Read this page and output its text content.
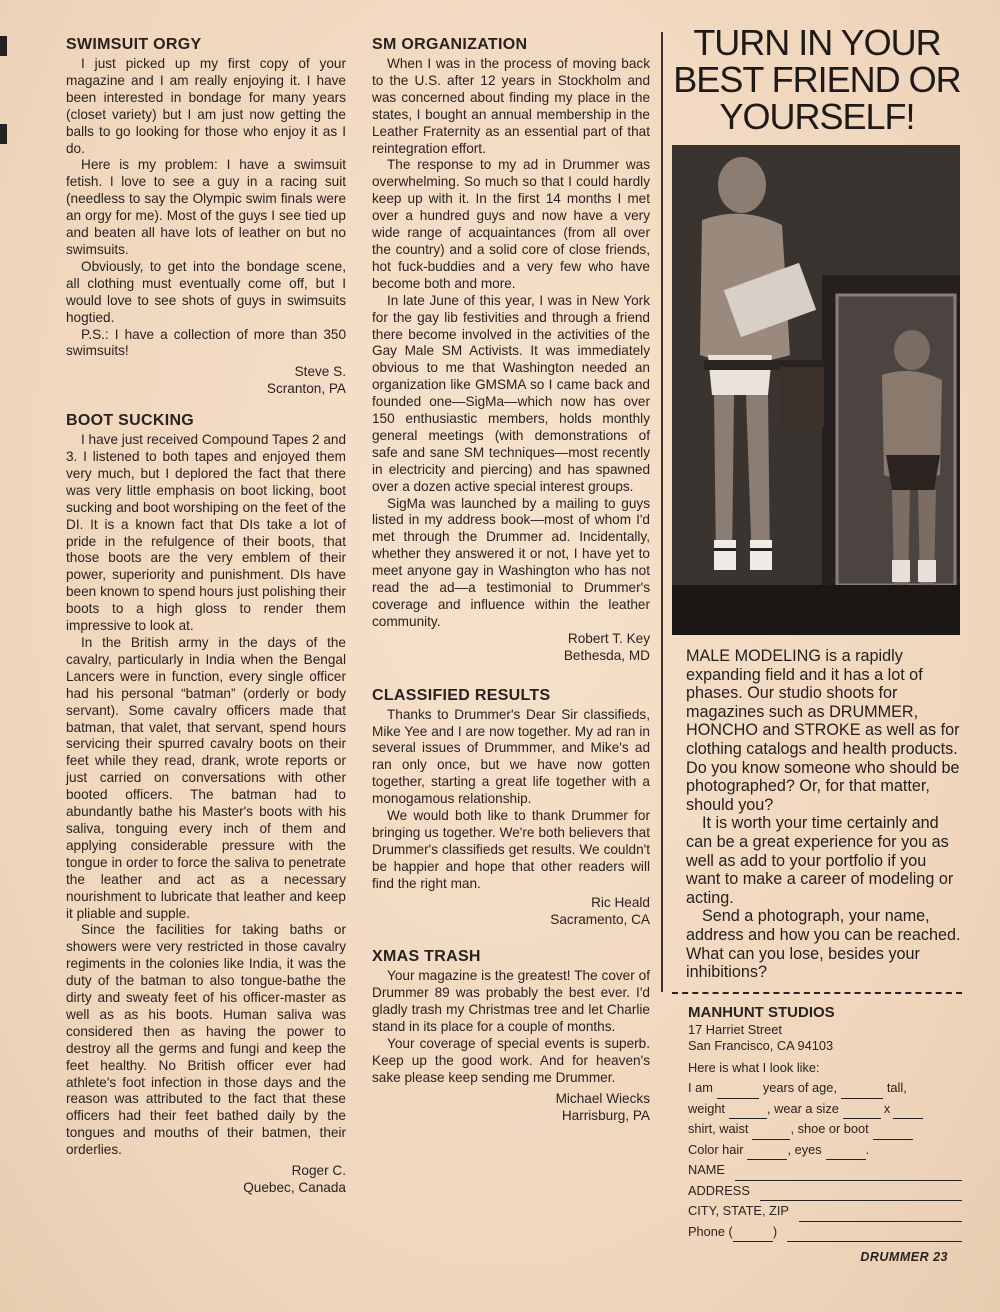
SWIMSUIT ORGY

I just picked up my first copy of your magazine and I am really enjoying it. I have been interested in bondage for many years (closet variety) but I am just now getting the balls to go looking for those who enjoy it as I do.

Here is my problem: I have a swimsuit fetish. I love to see a guy in a racing suit (needless to say the Olympic swim finals were an orgy for me). Most of the guys I see tied up and beaten all have lots of leather on but no swimsuits.

Obviously, to get into the bondage scene, all clothing must eventually come off, but I would love to see shots of guys in swimsuits hogtied.

P.S.: I have a collection of more than 350 swimsuits!

Steve S.

Scranton, PA

BOOT SUCKING

I have just received Compound Tapes 2 and 3. I listened to both tapes and enjoyed them very much, but I deplored the fact that there was very little emphasis on boot licking, boot sucking and boot worshiping on the feet of the DI. It is a known fact that DIs take a lot of pride in the refulgence of their boots, that those boots are the very emblem of their power, superiority and punishment. DIs have been known to spend hours just polishing their boots to a high gloss to render them impressive to look at.

In the British army in the days of the cavalry, particularly in India when the Bengal Lancers were in function, every single officer had his personal “batman” (orderly or body servant). Some cavalry officers made that batman, that valet, that servant, spend hours servicing their spurred cavalry boots on their feet while they read, drank, wrote reports or just carried on conversations with other booted officers. The batman had to abundantly bathe his Master's boots with his saliva, tonguing every inch of them and applying considerable pressure with the tongue in order to force the saliva to penetrate the leather and act as a necessary nourishment to lubricate that leather and keep it pliable and supple.

Since the facilities for taking baths or showers were very restricted in those cavalry regiments in the colonies like India, it was the duty of the batman to also tongue-bathe the dirty and sweaty feet of his officer-master as well as as his boots. Human saliva was considered then as having the power to destroy all the germs and fungi and keep the feet healthy. No British officer ever had athlete's foot infection in those days and the reason was attributed to the fact that these officers had their feet bathed daily by the tongues and mouths of their batmen, their orderlies.

Roger C.

Quebec, Canada

SM ORGANIZATION

When I was in the process of moving back to the U.S. after 12 years in Stockholm and was concerned about finding my place in the states, I bought an annual membership in the Leather Fraternity as an essential part of that reintegration effort.

The response to my ad in Drummer was overwhelming. So much so that I could hardly keep up with it. In the first 14 months I met over a hundred guys and now have a very wide range of acquaintances (from all over the country) and a solid core of close friends, hot fuck-buddies and a very few who have become both and more.

In late June of this year, I was in New York for the gay lib festivities and through a friend there become involved in the activities of the Gay Male SM Activists. It was immediately obvious to me that Washington needed an organization like GMSMA so I came back and founded one—SigMa—which now has over 150 enthusiastic members, holds monthly general meetings (with demonstrations of safe and sane SM techniques—most recently in electricity and piercing) and has spawned over a dozen active special interest groups.

SigMa was launched by a mailing to guys listed in my address book—most of whom I'd met through the Drummer ad. Incidentally, whether they answered it or not, I have yet to meet anyone gay in Washington who has not read the ad—a testimonial to Drummer's coverage and influence within the leather community.

Robert T. Key

Bethesda, MD

CLASSIFIED RESULTS

Thanks to Drummer's Dear Sir classifieds, Mike Yee and I are now together. My ad ran in several issues of Drummmer, and Mike's ad ran only once, but we have now gotten together, starting a great life together with a monogamous relationship.

We would both like to thank Drummer for bringing us together. We're both believers that Drummer's classifieds get results. We couldn't be happier and hope that other readers will find the right man.

Ric Heald

Sacramento, CA

XMAS TRASH

Your magazine is the greatest! The cover of Drummer 89 was probably the best ever. I'd gladly trash my Christmas tree and let Charlie stand in its place for a couple of months.

Your coverage of special events is superb. Keep up the good work. And for heaven's sake please keep sending me Drummer.

Michael Wiecks

Harrisburg, PA

TURN IN YOUR

BEST FRIEND OR

YOURSELF!

MALE MODELING is a rapidly expanding field and it has a lot of phases. Our studio shoots for magazines such as DRUMMER, HONCHO and STROKE as well as for clothing catalogs and health products. Do you know someone who should be photographed? Or, for that matter, should you?

It is worth your time certainly and can be a great experience for you as well as add to your portfolio if you want to make a career of modeling or acting.

Send a photograph, your name, address and how you can be reached. What can you lose, besides your inhibitions?

MANHUNT STUDIOS
17 Harriet Street
San Francisco, CA 94103
Here is what I look like:
I am	years of age,	tall,
weight	, wear a size	x
shirt, waist	, shoe or boot
Color hair	, eyes	.
NAME
ADDRESS
CITY, STATE, ZIP
Phone (	)
DRUMMER 23
